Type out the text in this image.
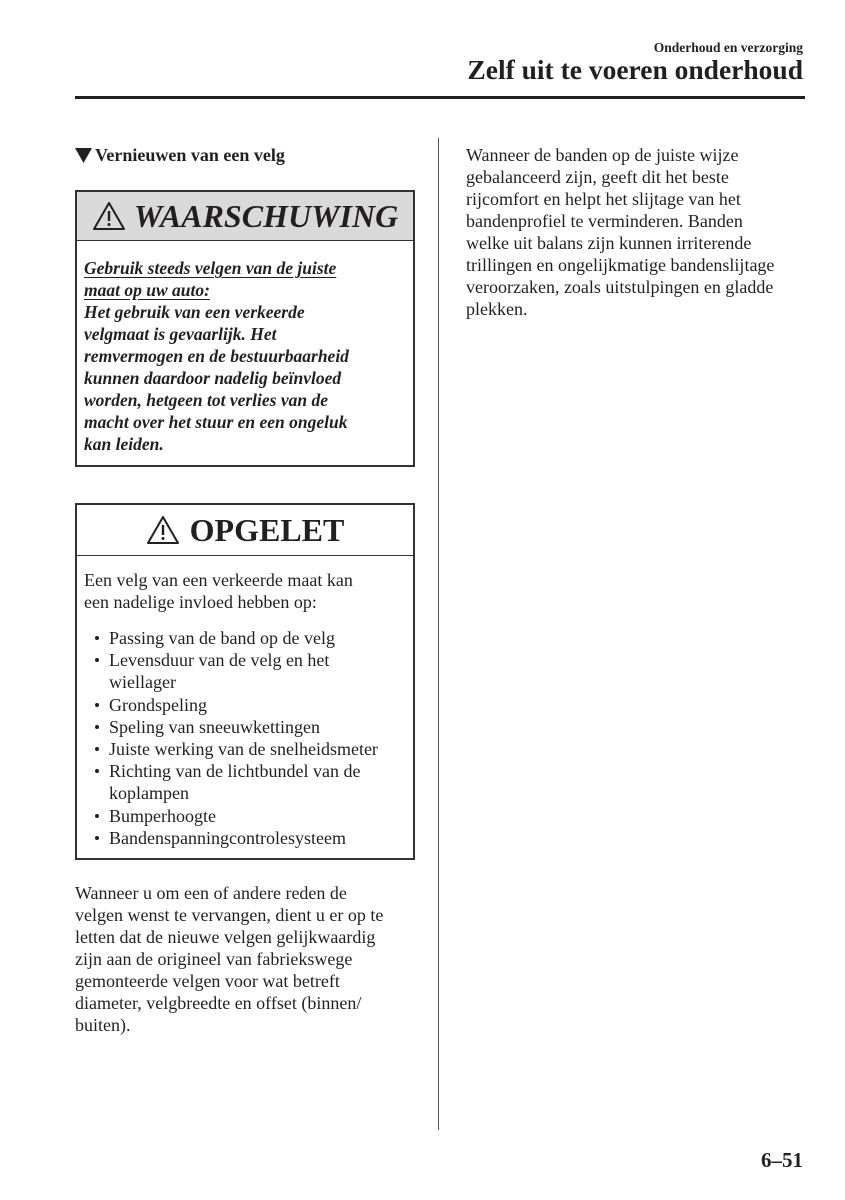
Onderhoud en verzorging
Zelf uit te voeren onderhoud
Vernieuwen van een velg
WAARSCHUWING
Gebruik steeds velgen van de juiste
maat op uw auto:
Het gebruik van een verkeerde
velgmaat is gevaarlijk. Het
remvermogen en de bestuurbaarheid
kunnen daardoor nadelig beïnvloed
worden, hetgeen tot verlies van de
macht over het stuur en een ongeluk
kan leiden.
OPGELET
Een velg van een verkeerde maat kan
een nadelige invloed hebben op:
Passing van de band op de velg
Levensduur van de velg en het
wiellager
Grondspeling
Speling van sneeuwkettingen
Juiste werking van de snelheidsmeter
Richting van de lichtbundel van de
koplampen
Bumperhoogte
Bandenspanningcontrolesysteem
Wanneer u om een of andere reden de
velgen wenst te vervangen, dient u er op te
letten dat de nieuwe velgen gelijkwaardig
zijn aan de origineel van fabriekswege
gemonteerde velgen voor wat betreft
diameter, velgbreedte en offset (binnen/
buiten).
Wanneer de banden op de juiste wijze
gebalanceerd zijn, geeft dit het beste
rijcomfort en helpt het slijtage van het
bandenprofiel te verminderen. Banden
welke uit balans zijn kunnen irriterende
trillingen en ongelijkmatige bandenslijtage
veroorzaken, zoals uitstulpingen en gladde
plekken.
6–51
